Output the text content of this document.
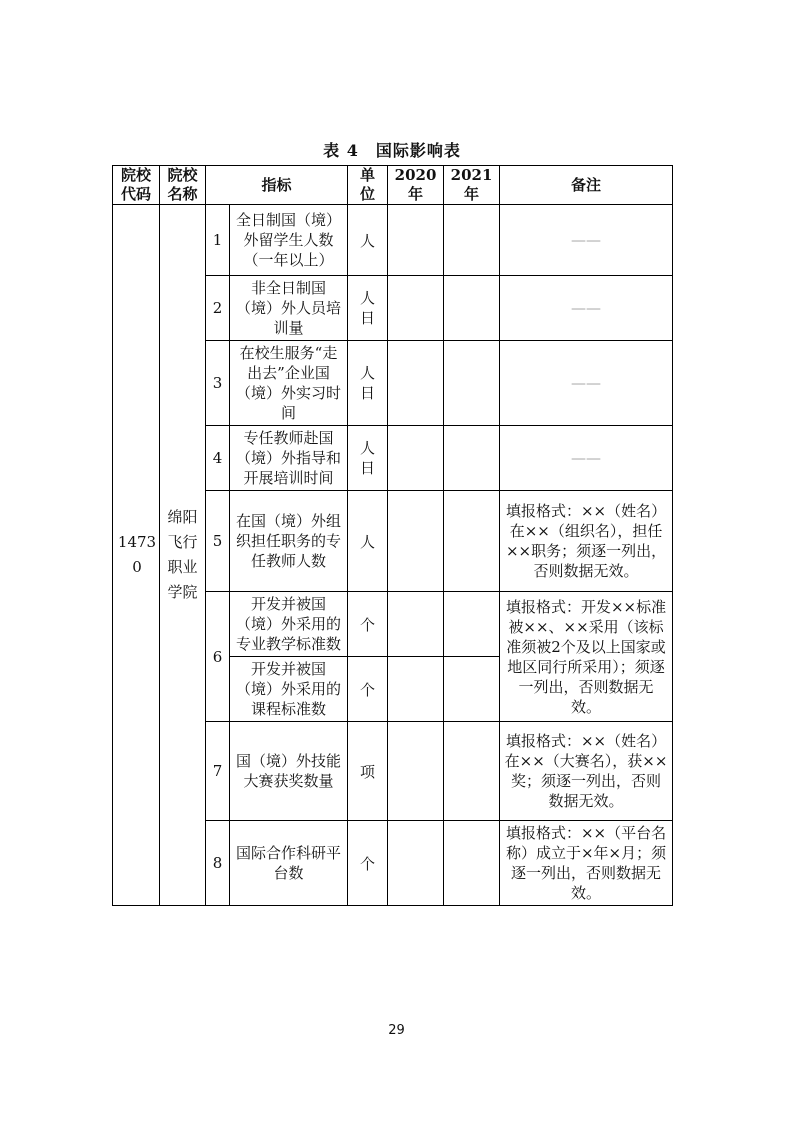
表 4　国际影响表
院校代码	院校名称	指标		单位	2020年	2021年	备注
14730	绵阳飞行职业学院	1	全日制国（境）外留学生人数（一年以上）	人			——
		2	非全日制国（境）外人员培训量	人日			——
		3	在校生服务“走出去”企业国（境）外实习时间	人日			——
		4	专任教师赴国（境）外指导和开展培训时间	人日			——
		5	在国（境）外组织担任职务的专任教师人数	人			填报格式：××（姓名）在××（组织名），担任××职务；须逐一列出，否则数据无效。
		6	开发并被国（境）外采用的专业教学标准数	个			填报格式：开发××标准被××、××采用（该标准须被2个及以上国家或地区同行所采用）；须逐一列出，否则数据无效。
			开发并被国（境）外采用的课程标准数	个			
		7	国（境）外技能大赛获奖数量	项			填报格式：××（姓名）在××（大赛名），获××奖；须逐一列出，否则数据无效。
		8	国际合作科研平台数	个			填报格式：××（平台名称）成立于×年×月；须逐一列出，否则数据无效。
29
